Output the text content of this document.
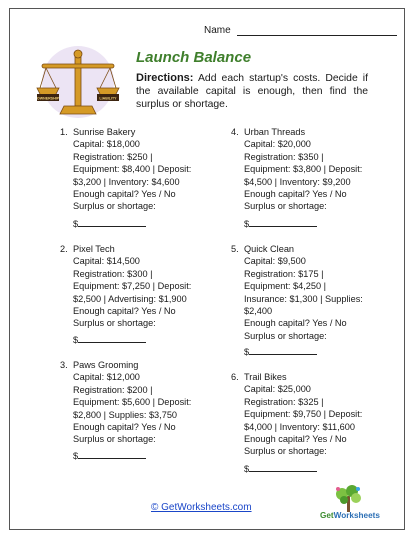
Name
OWNERSHIP	LIABILITY
Launch Balance
Directions: Add each startup's costs. Decide if the available capital is enough, then find the surplus or shortage.
1. Sunrise Bakery
Capital: $18,000
Registration: $250 |
Equipment: $8,400 | Deposit:
$3,200 | Inventory: $4,600
Enough capital? Yes / No
Surplus or shortage:
$
2. Pixel Tech
Capital: $14,500
Registration: $300 |
Equipment: $7,250 | Deposit:
$2,500 | Advertising: $1,900
Enough capital? Yes / No
Surplus or shortage:
$
3. Paws Grooming
Capital: $12,000
Registration: $200 |
Equipment: $5,600 | Deposit:
$2,800 | Supplies: $3,750
Enough capital? Yes / No
Surplus or shortage:
$
4. Urban Threads
Capital: $20,000
Registration: $350 |
Equipment: $3,800 | Deposit:
$4,500 | Inventory: $9,200
Enough capital? Yes / No
Surplus or shortage:
$
5. Quick Clean
Capital: $9,500
Registration: $175 |
Equipment: $4,250 |
Insurance: $1,300 | Supplies:
$2,400
Enough capital? Yes / No
Surplus or shortage:
$
6. Trail Bikes
Capital: $25,000
Registration: $325 |
Equipment: $9,750 | Deposit:
$4,000 | Inventory: $11,600
Enough capital? Yes / No
Surplus or shortage:
$
© GetWorksheets.com
GetWorksheets
